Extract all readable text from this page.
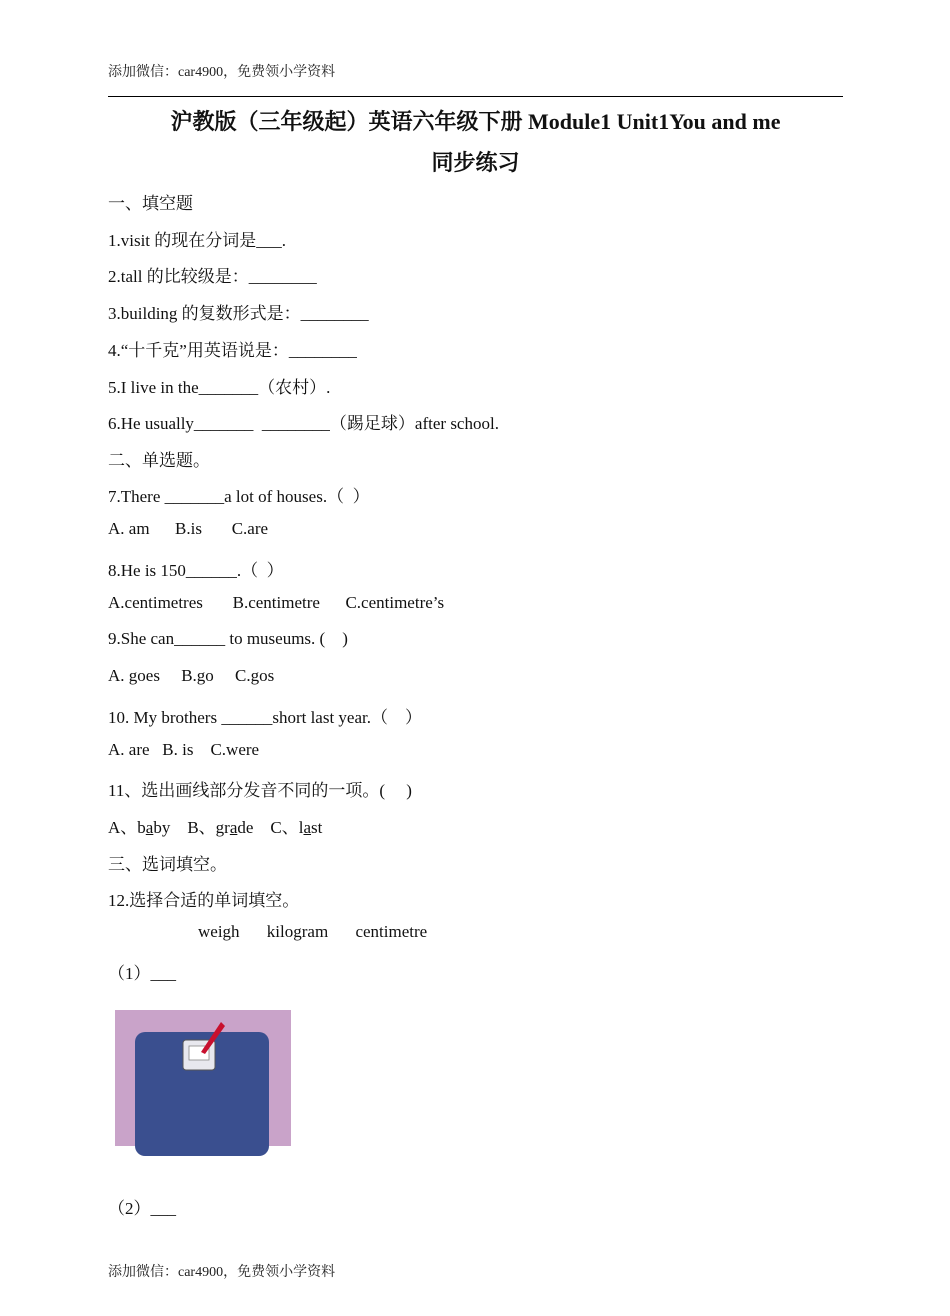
添加微信：car4900，免费领小学资料
沪教版（三年级起）英语六年级下册 Module1 Unit1You and me
同步练习
一、填空题
1.visit 的现在分词是___.
2.tall 的比较级是：________
3.building 的复数形式是：________
4.“十千克”用英语说是：________
5.I live in the_______（农村）.
6.He usually_______  ________（踢足球）after school.
二、单选题。
7.There _______a lot of houses.（  ）
A. am      B.is       C.are
8.He is 150______.（  ）
A.centimetres       B.centimetre      C.centimetre’s
9.She can______ to museums. (    )
A. goes     B.go     C.gos
10. My brothers ______short last year.（    ）
A. are   B. is    C.were
11、选出画线部分发音不同的一项。(     )
A、baby B、grade C、last
三、选词填空。
12.选择合适的单词填空。
weigh kilogram centimetre
（1）___
（2）___
添加微信：car4900，免费领小学资料
